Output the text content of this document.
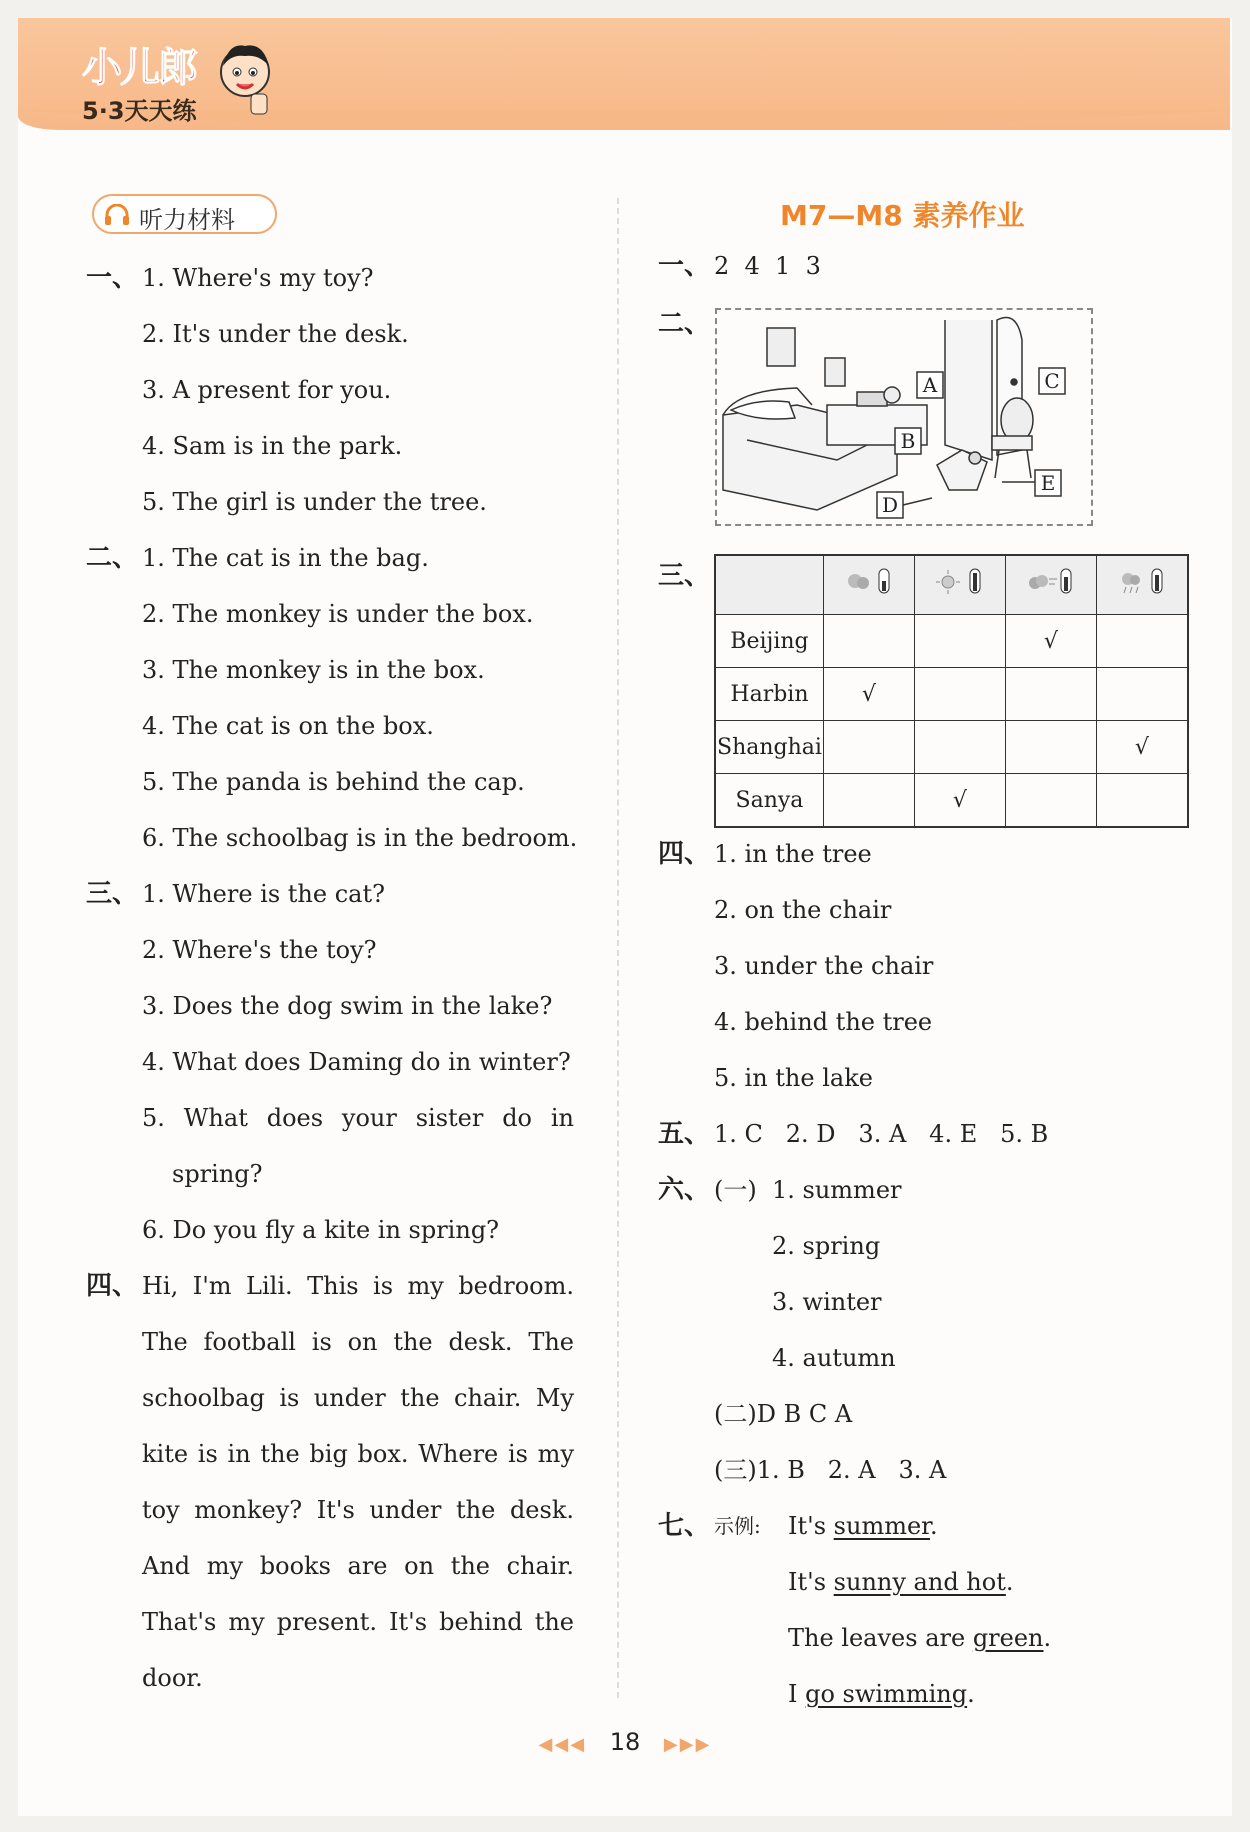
小儿郎
5·3天天练
听力材料
一、 1. Where's my toy?
2. It's under the desk.
3. A present for you.
4. Sam is in the park.
5. The girl is under the tree.
二、 1. The cat is in the bag.
2. The monkey is under the box.
3. The monkey is in the box.
4. The cat is on the box.
5. The panda is behind the cap.
6. The schoolbag is in the bedroom.
三、 1. Where is the cat?
2. Where's the toy?
3. Does the dog swim in the lake?
4. What does Daming do in winter?
5. What does your sister do in
spring?
6. Do you fly a kite in spring?
四、 Hi, I'm Lili. This is my bedroom.
The football is on the desk. The
schoolbag is under the chair. My
kite is in the big box. Where is my
toy monkey? It's under the desk.
And my books are on the chair.
That's my present. It's behind the
door.
M7—M8 素养作业
一、 2  4  1  3
二、
A
B
C
D
E
三、

Beijing			√	
Harbin	√			
Shanghai				√
Sanya		√		
四、 1. in the tree
2. on the chair
3. under the chair
4. behind the tree
5. in the lake
五、 1. C   2. D   3. A   4. E   5. B
六、 (一) 1. summer
2. spring
3. winter
4. autumn
(二)D B C A
(三)1. B   2. A   3. A
七、 示例: It's summer.
It's sunny and hot.
The leaves are green.
I go swimming.
◀◀◀ 18 ▶▶▶
